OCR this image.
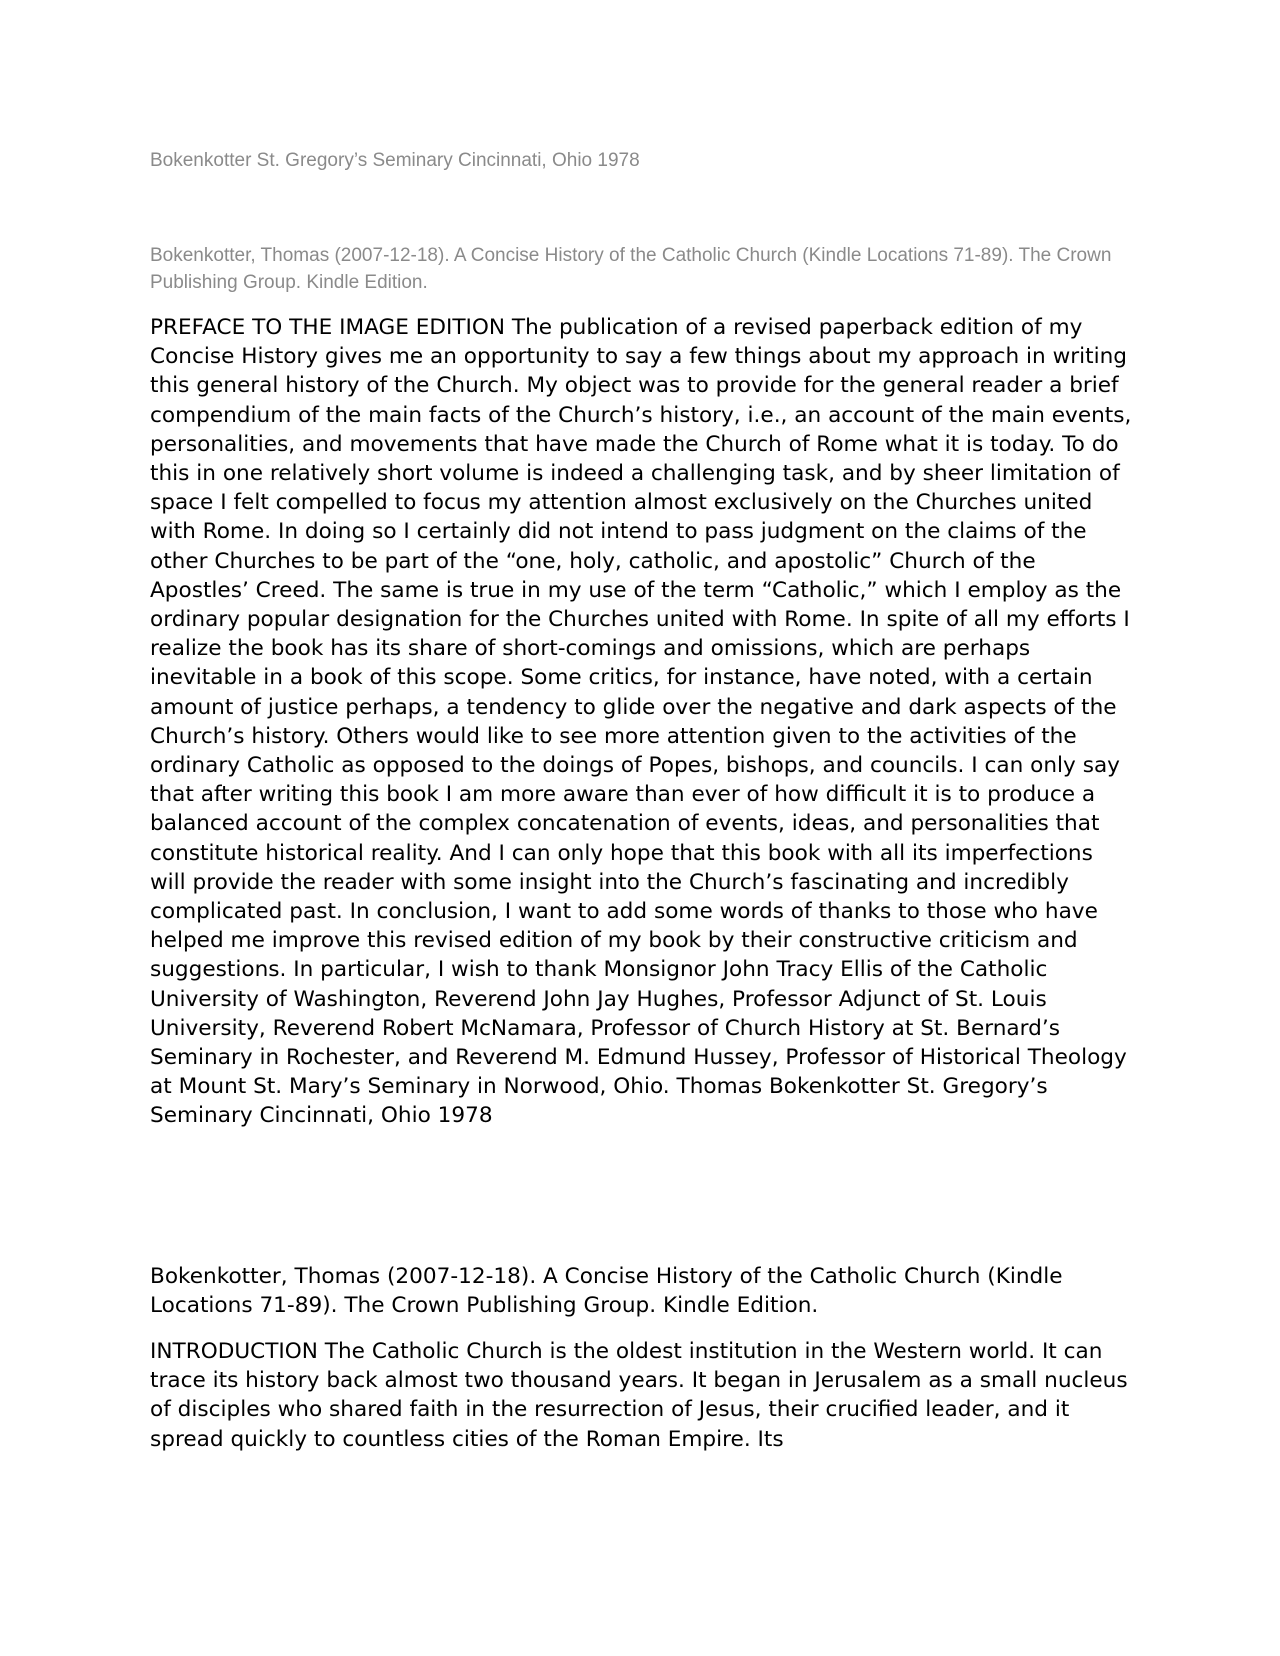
Bokenkotter St. Gregory’s Seminary Cincinnati, Ohio 1978

Bokenkotter, Thomas (2007-12-18). A Concise History of the Catholic Church (Kindle Locations 71-89). The Crown Publishing Group. Kindle Edition.

PREFACE TO THE IMAGE EDITION The publication of a revised paperback edition of my Concise History gives me an opportunity to say a few things about my approach in writing this general history of the Church. My object was to provide for the general reader a brief compendium of the main facts of the Church’s history, i.e., an account of the main events, personalities, and movements that have made the Church of Rome what it is today. To do this in one relatively short volume is indeed a challenging task, and by sheer limitation of space I felt compelled to focus my attention almost exclusively on the Churches united with Rome. In doing so I certainly did not intend to pass judgment on the claims of the other Churches to be part of the “one, holy, catholic, and apostolic” Church of the Apostles’ Creed. The same is true in my use of the term “Catholic,” which I employ as the ordinary popular designation for the Churches united with Rome. In spite of all my efforts I realize the book has its share of short-comings and omissions, which are perhaps inevitable in a book of this scope. Some critics, for instance, have noted, with a certain amount of justice perhaps, a tendency to glide over the negative and dark aspects of the Church’s history. Others would like to see more attention given to the activities of the ordinary Catholic as opposed to the doings of Popes, bishops, and councils. I can only say that after writing this book I am more aware than ever of how difficult it is to produce a balanced account of the complex concatenation of events, ideas, and personalities that constitute historical reality. And I can only hope that this book with all its imperfections will provide the reader with some insight into the Church’s fascinating and incredibly complicated past. In conclusion, I want to add some words of thanks to those who have helped me improve this revised edition of my book by their constructive criticism and suggestions. In particular, I wish to thank Monsignor John Tracy Ellis of the Catholic University of Washington, Reverend John Jay Hughes, Professor Adjunct of St. Louis University, Reverend Robert McNamara, Professor of Church History at St. Bernard’s Seminary in Rochester, and Reverend M. Edmund Hussey, Professor of Historical Theology at Mount St. Mary’s Seminary in Norwood, Ohio. Thomas Bokenkotter St. Gregory’s Seminary Cincinnati, Ohio 1978

Bokenkotter, Thomas (2007-12-18). A Concise History of the Catholic Church (Kindle Locations 71-89). The Crown Publishing Group. Kindle Edition.

INTRODUCTION The Catholic Church is the oldest institution in the Western world. It can trace its history back almost two thousand years. It began in Jerusalem as a small nucleus of disciples who shared faith in the resurrection of Jesus, their crucified leader, and it spread quickly to countless cities of the Roman Empire. Its
